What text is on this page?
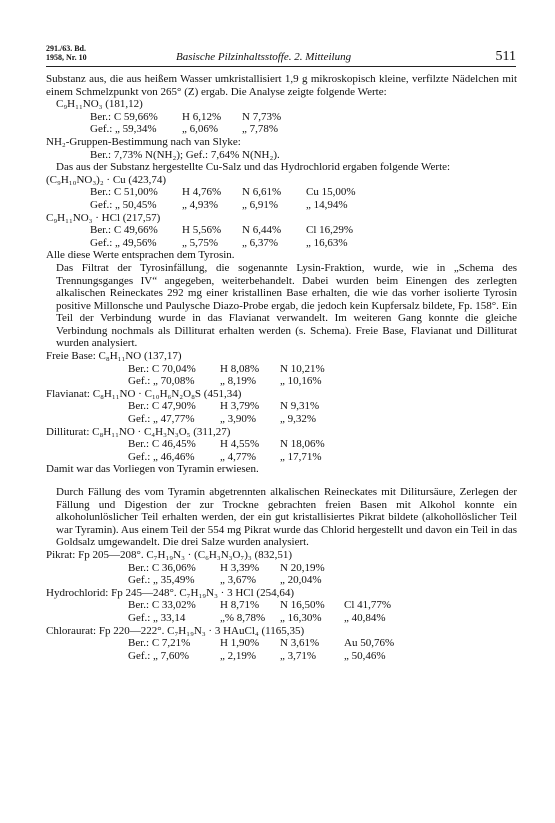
291./63. Bd.
1958, Nr. 10	Basische Pilzinhaltsstoffe. 2. Mitteilung	511

Substanz aus, die aus heißem Wasser umkristallisiert 1,9 g mikroskopisch kleine, verfilzte Nädelchen mit einem Schmelzpunkt von 265° (Z) ergab. Die Analyse zeigte folgende Werte:

C₉H₁₁NO₃ (181,12)
Ber.: C 59,66%	H 6,12%	N 7,73%
Gef.: „ 59,34%	„ 6,06%	„ 7,78%
NH₂-Gruppen-Bestimmung nach van Slyke:
Ber.: 7,73% N(NH₂); Gef.: 7,64% N(NH₂).

Das aus der Substanz hergestellte Cu-Salz und das Hydrochlorid ergaben folgende Werte:

(C₉H₁₀NO₃)₂ · Cu (423,74)
Ber.: C 51,00%	H 4,76%	N 6,61%	Cu 15,00%
Gef.: „ 50,45%	„ 4,93%	„ 6,91%	„ 14,94%
C₉H₁₁NO₃ · HCl (217,57)
Ber.: C 49,66%	H 5,56%	N 6,44%	Cl 16,29%
Gef.: „ 49,56%	„ 5,75%	„ 6,37%	„ 16,63%
Alle diese Werte entsprachen dem Tyrosin.

Das Filtrat der Tyrosinfällung, die sogenannte Lysin-Fraktion, wurde, wie in „Schema des Trennungsganges IV“ angegeben, weiterbehandelt. Dabei wurden beim Einengen des zerlegten alkalischen Reineckates 292 mg einer kristallinen Base erhalten, die wie das vorher isolierte Tyrosin positive Millonsche und Paulysche Diazo-Probe ergab, die jedoch kein Kupfersalz bildete, Fp. 158°. Ein Teil der Verbindung wurde in das Flavianat verwandelt. Im weiteren Gang konnte die gleiche Verbindung nochmals als Dilliturat erhalten werden (s. Schema). Freie Base, Flavianat und Dilliturat wurden analysiert.

Freie Base: C₈H₁₁NO (137,17)
Ber.: C 70,04%	H 8,08%	N 10,21%
Gef.: „ 70,08%	„ 8,19%	„ 10,16%
Flavianat: C₈H₁₁NO · C₁₀H₆N₂O₈S (451,34)
Ber.: C 47,90%	H 3,79%	N 9,31%
Gef.: „ 47,77%	„ 3,90%	„ 9,32%
Dilliturat: C₈H₁₁NO · C₄H₃N₃O₅ (311,27)
Ber.: C 46,45%	H 4,55%	N 18,06%
Gef.: „ 46,46%	„ 4,77%	„ 17,71%
Damit war das Vorliegen von Tyramin erwiesen.

Durch Fällung des vom Tyramin abgetrennten alkalischen Reineckates mit Dilitursäure, Zerlegen der Fällung und Digestion der zur Trockne gebrachten freien Basen mit Alkohol konnte ein alkoholunlöslicher Teil erhalten werden, der ein gut kristallisiertes Pikrat bildete (alkohollöslicher Teil war Tyramin). Aus einem Teil der 554 mg Pikrat wurde das Chlorid hergestellt und davon ein Teil in das Goldsalz umgewandelt. Die drei Salze wurden analysiert.

Pikrat: Fp 205—208°. C₇H₁₉N₃ · (C₆H₃N₃O₇)₃ (832,51)
Ber.: C 36,06%	H 3,39%	N 20,19%
Gef.: „ 35,49%	„ 3,67%	„ 20,04%
Hydrochlorid: Fp 245—248°. C₇H₁₉N₃ · 3 HCl (254,64)
Ber.: C 33,02%	H 8,71%	N 16,50%	Cl 41,77%
Gef.: „ 33,14	„% 8,78%	„ 16,30%	„ 40,84%
Chloraurat: Fp 220—222°. C₇H₁₉N₃ · 3 HAuCl₄ (1165,35)
Ber.: C 7,21%	H 1,90%	N 3,61%	Au 50,76%
Gef.: „ 7,60%	„ 2,19%	„ 3,71%	„ 50,46%
